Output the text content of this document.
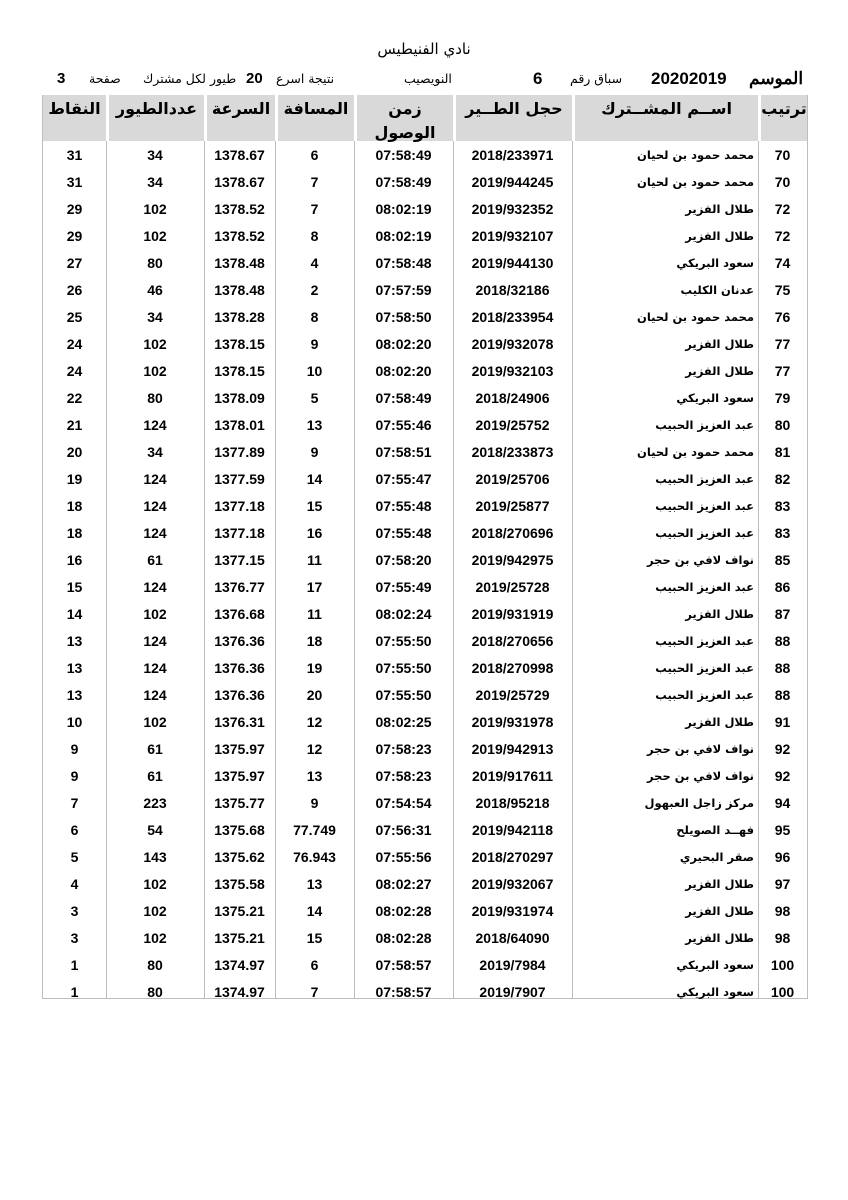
نادي الفنيطيس
الموسم
20202019
سباق رقم
6
النويصيب
نتيجة اسرع
20
طيور لكل مشترك
صفحة
3
ترتيب
اســم المشــترك
حجل الطــير
زمن الوصول
المسافة
السرعة
عددالطيور
النقاط
70
محمد حمود بن لحيان
2018/233971
07:58:49
6
1378.67
34
31
70
محمد حمود بن لحيان
2019/944245
07:58:49
7
1378.67
34
31
72
طلال الفزير
2019/932352
08:02:19
7
1378.52
102
29
72
طلال الفزير
2019/932107
08:02:19
8
1378.52
102
29
74
سعود البريكي
2019/944130
07:58:48
4
1378.48
80
27
75
عدنان الكليب
2018/32186
07:57:59
2
1378.48
46
26
76
محمد حمود بن لحيان
2018/233954
07:58:50
8
1378.28
34
25
77
طلال الفزير
2019/932078
08:02:20
9
1378.15
102
24
77
طلال الفزير
2019/932103
08:02:20
10
1378.15
102
24
79
سعود البريكي
2018/24906
07:58:49
5
1378.09
80
22
80
عبد العزيز الحبيب
2019/25752
07:55:46
13
1378.01
124
21
81
محمد حمود بن لحيان
2018/233873
07:58:51
9
1377.89
34
20
82
عبد العزيز الحبيب
2019/25706
07:55:47
14
1377.59
124
19
83
عبد العزيز الحبيب
2019/25877
07:55:48
15
1377.18
124
18
83
عبد العزيز الحبيب
2018/270696
07:55:48
16
1377.18
124
18
85
نواف لافي بن حجر
2019/942975
07:58:20
11
1377.15
61
16
86
عبد العزيز الحبيب
2019/25728
07:55:49
17
1376.77
124
15
87
طلال الفزير
2019/931919
08:02:24
11
1376.68
102
14
88
عبد العزيز الحبيب
2018/270656
07:55:50
18
1376.36
124
13
88
عبد العزيز الحبيب
2018/270998
07:55:50
19
1376.36
124
13
88
عبد العزيز الحبيب
2019/25729
07:55:50
20
1376.36
124
13
91
طلال الفزير
2019/931978
08:02:25
12
1376.31
102
10
92
نواف لافي بن حجر
2019/942913
07:58:23
12
1375.97
61
9
92
نواف لافي بن حجر
2019/917611
07:58:23
13
1375.97
61
9
94
مركز زاجل العبهول
2018/95218
07:54:54
9
1375.77
223
7
95
فهــد الصويلح
2019/942118
07:56:31
77.749
1375.68
54
6
96
صقر البحيري
2018/270297
07:55:56
76.943
1375.62
143
5
97
طلال الفزير
2019/932067
08:02:27
13
1375.58
102
4
98
طلال الفزير
2019/931974
08:02:28
14
1375.21
102
3
98
طلال الفزير
2018/64090
08:02:28
15
1375.21
102
3
100
سعود البريكي
2019/7984
07:58:57
6
1374.97
80
1
100
سعود البريكي
2019/7907
07:58:57
7
1374.97
80
1
